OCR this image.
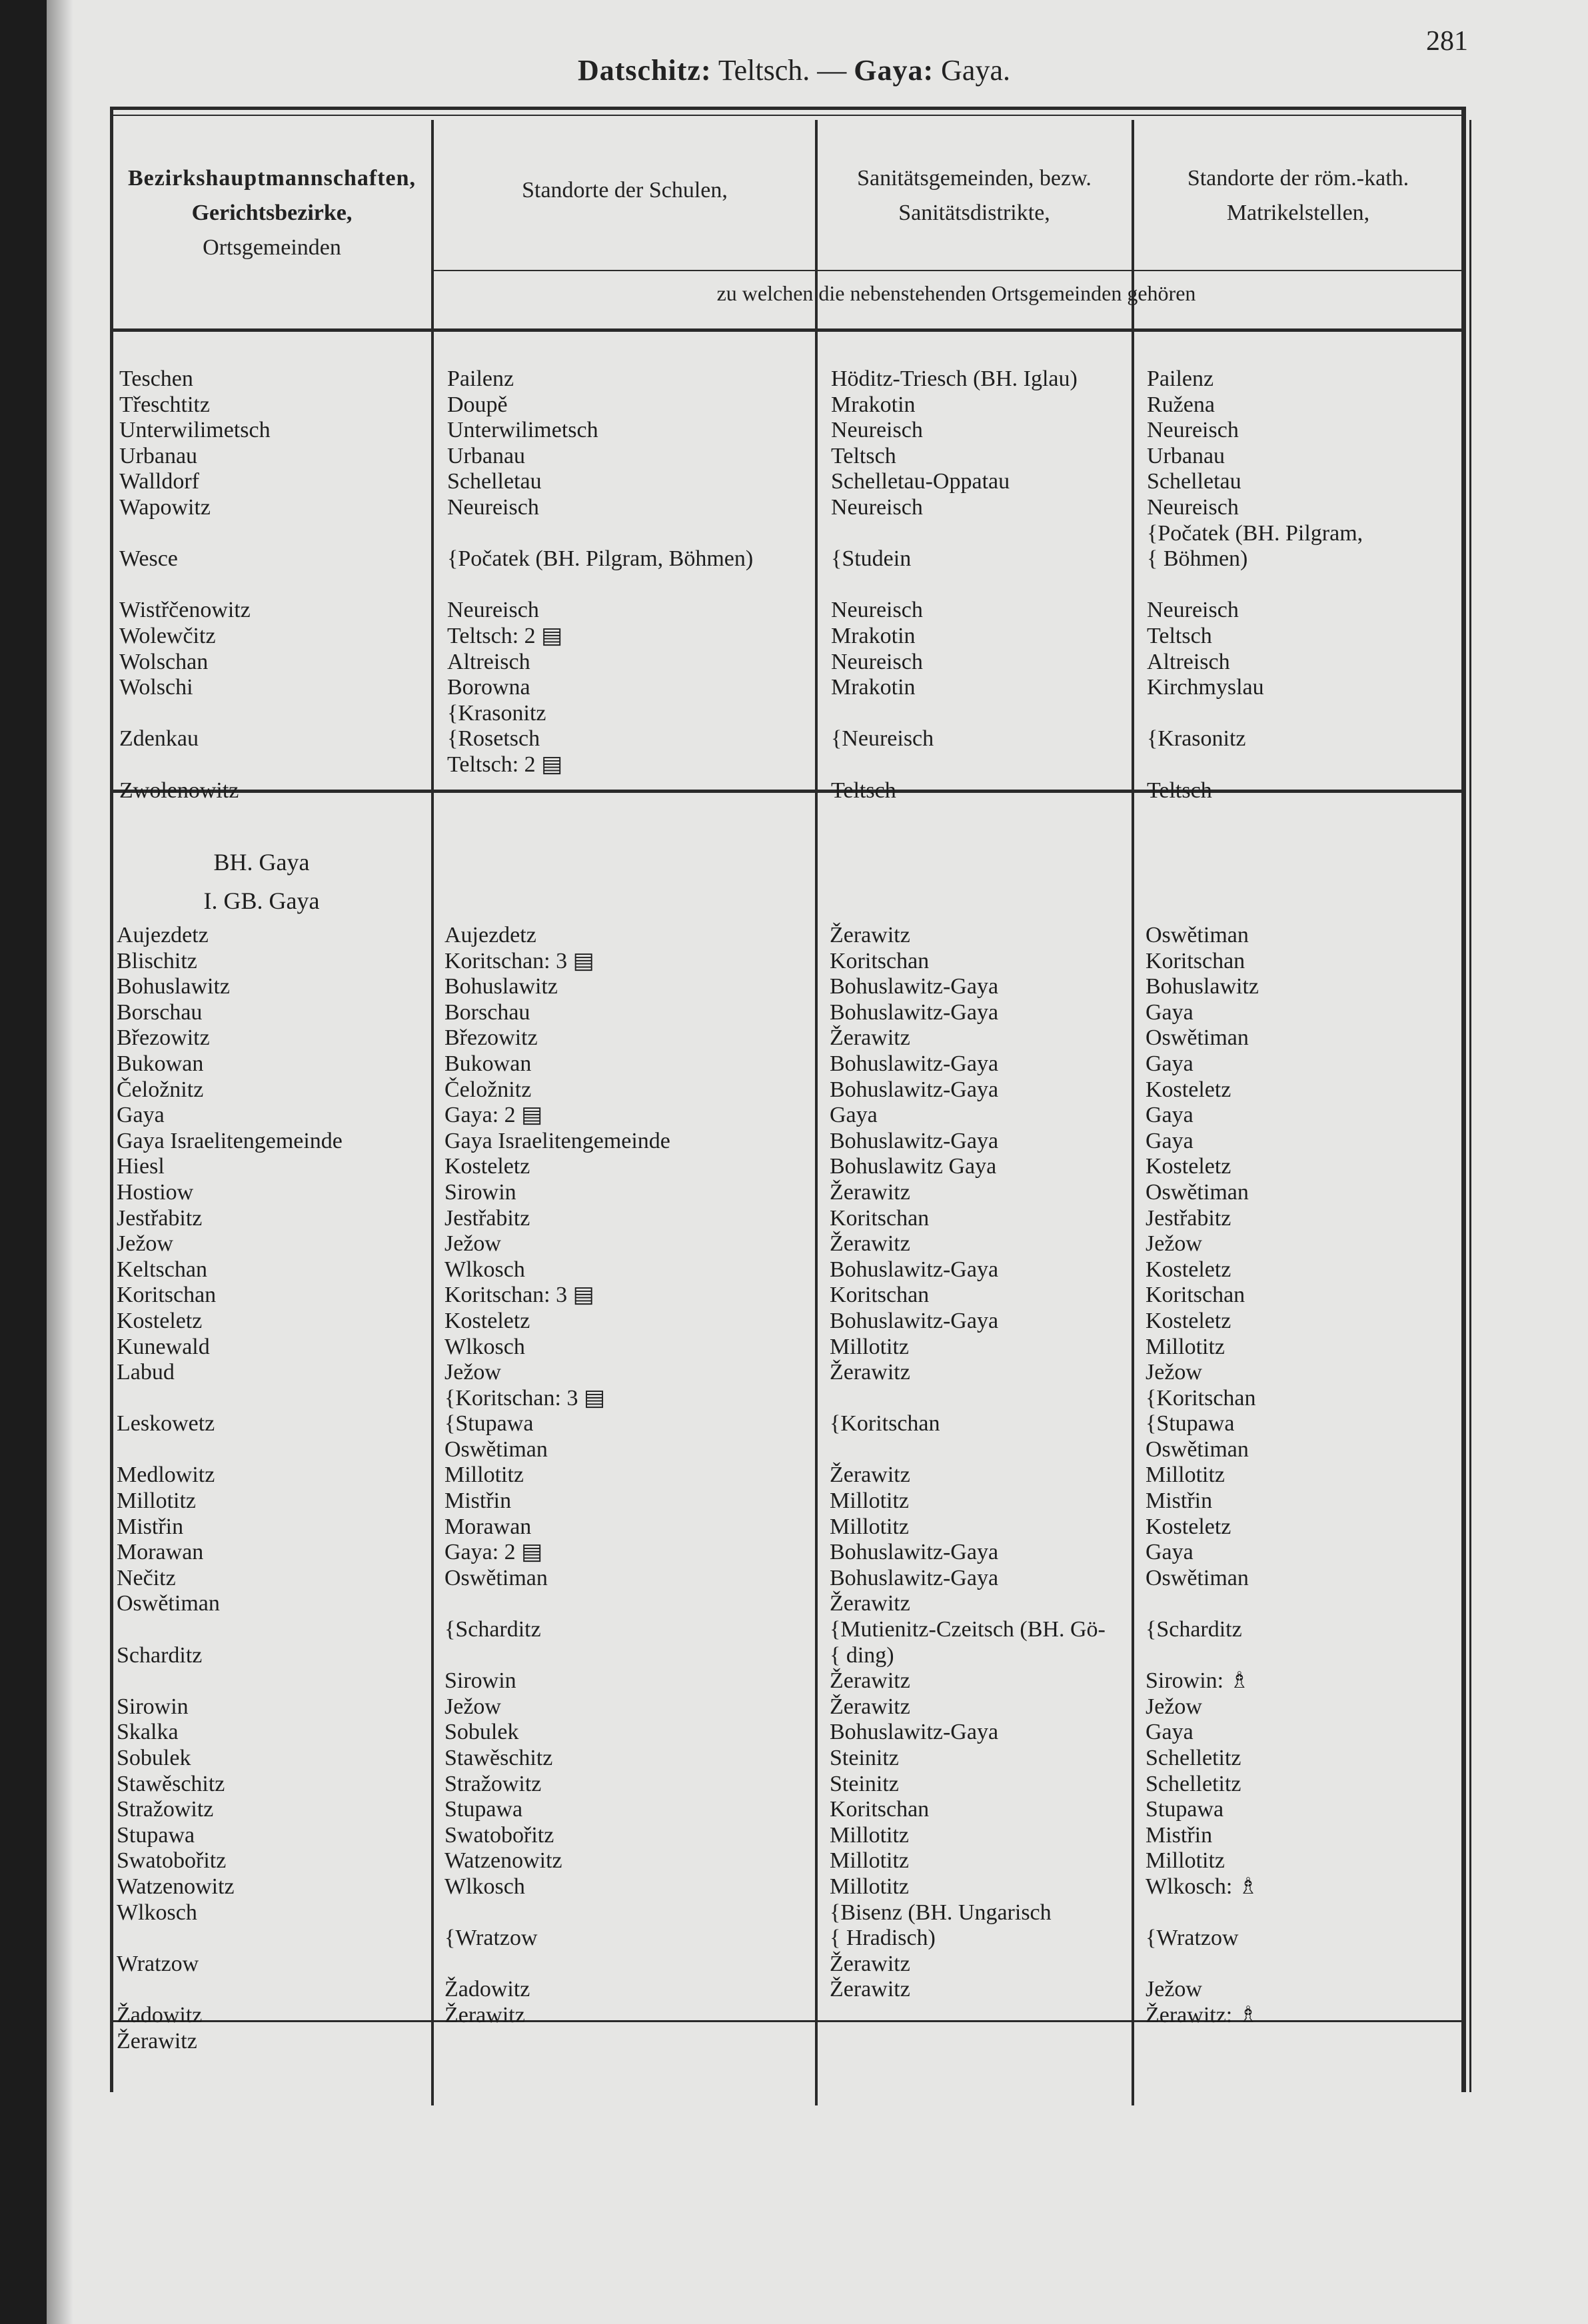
281
Datschitz: Teltsch. — Gaya: Gaya.
Bezirkshauptmannschaften,
Gerichtsbezirke,
Ortsgemeinden
Standorte der Schulen,	Sanitätsgemeinden, bezw.
Sanitätsdistrikte,
Standorte der röm.-kath.
Matrikelstellen,
zu welchen die nebenstehenden Ortsgemeinden gehören
Teschen
Třeschtitz
Unterwilimetsch
Urbanau
Walldorf
Wapowitz
Wesce
Wistřčenowitz
Wolewčitz
Wolschan
Wolschi
Zdenkau
Zwolenowitz
Pailenz
Doupě
Unterwilimetsch
Urbanau
Schelletau
Neureisch
{Počatek (BH. Pilgram, Böhmen)
Neureisch
Teltsch: 2 ▤
Altreisch
Borowna
{Krasonitz
{Rosetsch
Teltsch: 2 ▤
Höditz-Triesch (BH. Iglau)
Mrakotin
Neureisch
Teltsch
Schelletau-Oppatau
Neureisch
{Studein
Neureisch
Mrakotin
Neureisch
Mrakotin
{Neureisch
Teltsch
Pailenz
Ružena
Neureisch
Urbanau
Schelletau
Neureisch
{Počatek (BH. Pilgram,
{ Böhmen)
Neureisch
Teltsch
Altreisch
Kirchmyslau
{Krasonitz
Teltsch
BH. Gaya
I. GB. Gaya
Aujezdetz
Blischitz
Bohuslawitz
Borschau
Březowitz
Bukowan
Čeložnitz
Gaya
Gaya Israelitengemeinde
Hiesl
Hostiow
Jestřabitz
Ježow
Keltschan
Koritschan
Kosteletz
Kunewald
Labud
Leskowetz
Medlowitz
Millotitz
Mistřin
Morawan
Nečitz
Oswětiman
Scharditz
Sirowin
Skalka
Sobulek
Stawěschitz
Stražowitz
Stupawa
Swatobořitz
Watzenowitz
Wlkosch
Wratzow
Žadowitz
Žerawitz
Aujezdetz
Koritschan: 3 ▤
Bohuslawitz
Borschau
Březowitz
Bukowan
Čeložnitz
Gaya: 2 ▤
Gaya Israelitengemeinde
Kosteletz
Sirowin
Jestřabitz
Ježow
Wlkosch
Koritschan: 3 ▤
Kosteletz
Wlkosch
Ježow
{Koritschan: 3 ▤
{Stupawa
Oswětiman
Millotitz
Mistřin
Morawan
Gaya: 2 ▤
Oswětiman
{Scharditz
Sirowin
Ježow
Sobulek
Stawěschitz
Stražowitz
Stupawa
Swatobořitz
Watzenowitz
Wlkosch
{Wratzow
Žadowitz
Žerawitz
Žerawitz
Koritschan
Bohuslawitz-Gaya
Bohuslawitz-Gaya
Žerawitz
Bohuslawitz-Gaya
Bohuslawitz-Gaya
Gaya
Bohuslawitz-Gaya
Bohuslawitz Gaya
Žerawitz
Koritschan
Žerawitz
Bohuslawitz-Gaya
Koritschan
Bohuslawitz-Gaya
Millotitz
Žerawitz
{Koritschan
Žerawitz
Millotitz
Millotitz
Bohuslawitz-Gaya
Bohuslawitz-Gaya
Žerawitz
{Mutienitz-Czeitsch (BH. Gö-
{ ding)
Žerawitz
Žerawitz
Bohuslawitz-Gaya
Steinitz
Steinitz
Koritschan
Millotitz
Millotitz
Millotitz
{Bisenz (BH. Ungarisch
{ Hradisch)
Žerawitz
Žerawitz
Oswětiman
Koritschan
Bohuslawitz
Gaya
Oswětiman
Gaya
Kosteletz
Gaya
Gaya
Kosteletz
Oswětiman
Jestřabitz
Ježow
Kosteletz
Koritschan
Kosteletz
Millotitz
Ježow
{Koritschan
{Stupawa
Oswětiman
Millotitz
Mistřin
Kosteletz
Gaya
Oswětiman
{Scharditz
Sirowin: ♗
Ježow
Gaya
Schelletitz
Schelletitz
Stupawa
Mistřin
Millotitz
Wlkosch: ♗
{Wratzow
Ježow
Žerawitz: ♗
